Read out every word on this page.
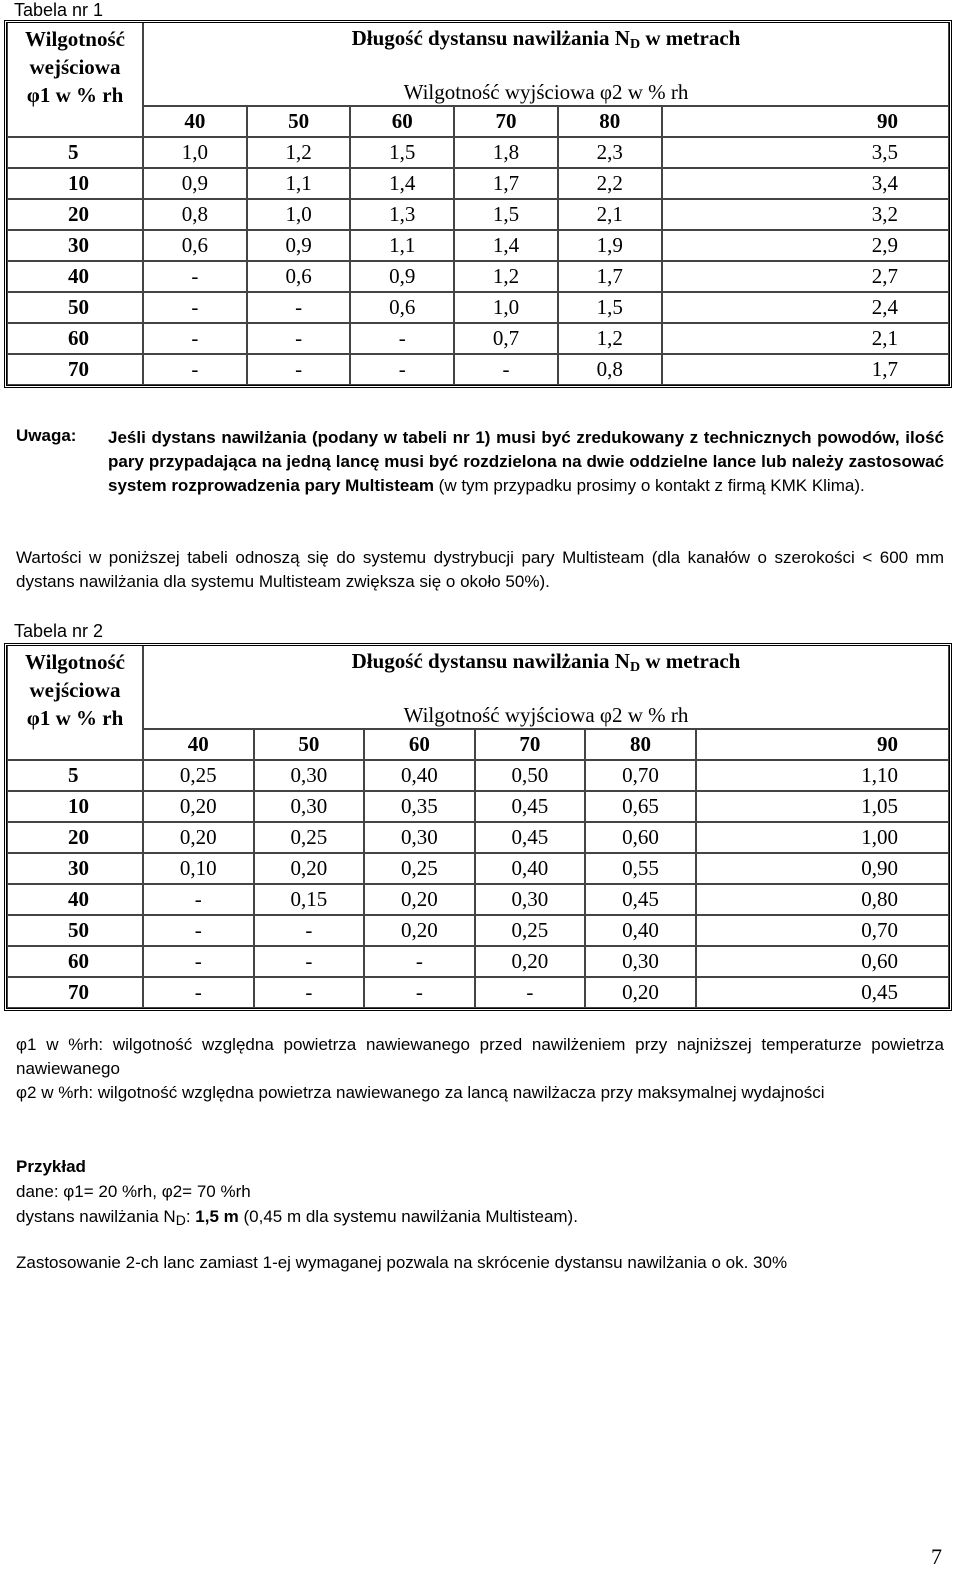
Tabela nr 1
Wilgotność
wejściowa
φ1 w % rh	Długość dystansu nawilżania $N_D$ w metrach					
	Wilgotność wyjściowa φ2 w % rh					
	40	50	60	70	80	90
5	1,0	1,2	1,5	1,8	2,3	3,5
10	0,9	1,1	1,4	1,7	2,2	3,4
20	0,8	1,0	1,3	1,5	2,1	3,2
30	0,6	0,9	1,1	1,4	1,9	2,9
40	-	0,6	0,9	1,2	1,7	2,7
50	-	-	0,6	1,0	1,5	2,4
60	-	-	-	0,7	1,2	2,1
70	-	-	-	-	0,8	1,7
Uwaga: Jeśli dystans nawilżania (podany w tabeli nr 1) musi być zredukowany z technicznych powodów, ilość pary przypadająca na jedną lancę musi być rozdzielona na dwie oddzielne lance lub należy zastosować system rozprowadzenia pary Multisteam (w tym przypadku prosimy o kontakt z firmą KMK Klima).
Wartości w poniższej tabeli odnoszą się do systemu dystrybucji pary Multisteam (dla kanałów o szerokości < 600 mm dystans nawilżania dla systemu Multisteam zwiększa się o około 50%).
Tabela nr 2
Wilgotność
wejściowa
φ1 w % rh	Długość dystansu nawilżania $N_D$ w metrach					
	Wilgotność wyjściowa φ2 w % rh					
	40	50	60	70	80	90
5	0,25	0,30	0,40	0,50	0,70	1,10
10	0,20	0,30	0,35	0,45	0,65	1,05
20	0,20	0,25	0,30	0,45	0,60	1,00
30	0,10	0,20	0,25	0,40	0,55	0,90
40	-	0,15	0,20	0,30	0,45	0,80
50	-	-	0,20	0,25	0,40	0,70
60	-	-	-	0,20	0,30	0,60
70	-	-	-	-	0,20	0,45
φ1 w %rh: wilgotność względna powietrza nawiewanego przed nawilżeniem przy najniższej temperaturze powietrza nawiewanego
φ2 w %rh: wilgotność względna powietrza nawiewanego za lancą nawilżacza przy maksymalnej wydajności
Przykład
dane: φ1= 20 %rh, φ2= 70 %rh
dystans nawilżania $N_D$: 1,5 m (0,45 m dla systemu nawilżania Multisteam).
Zastosowanie 2-ch lanc zamiast 1-ej wymaganej pozwala na skrócenie dystansu nawilżania o ok. 30%
7
